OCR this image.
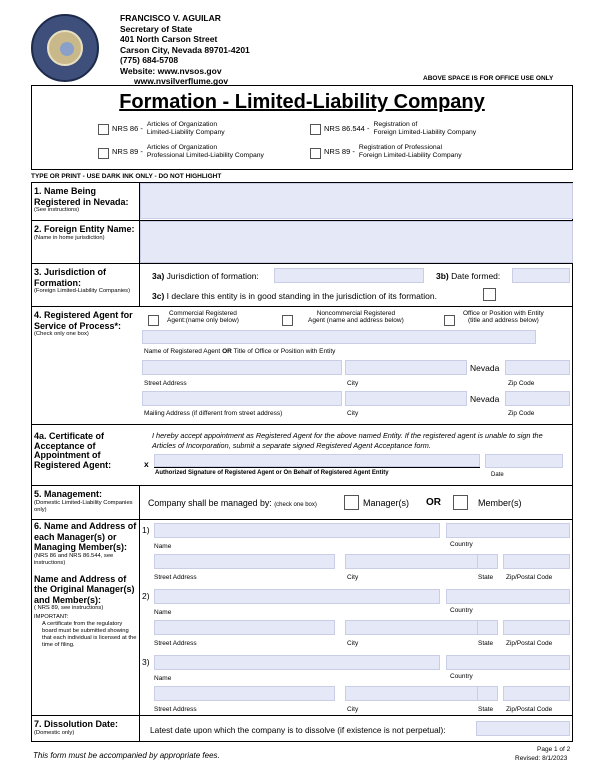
FRANCISCO V. AGUILAR
Secretary of State
401 North Carson Street
Carson City, Nevada 89701-4201
(775) 684-5708
Website: www.nvsos.gov
www.nvsilverflume.gov	ABOVE SPACE IS FOR OFFICE USE ONLY
Formation - Limited-Liability Company
NRS 86 - Articles of Organization
Limited-Liability Company	NRS 86.544 - Registration of
Foreign Limited-Liability Company
NRS 89 - Articles of Organization
Professional Limited-Liability Company	NRS 89 - Registration of Professional
Foreign Limited-Liability Company
TYPE OR PRINT - USE DARK INK ONLY - DO NOT HIGHLIGHT
1. Name Being Registered in Nevada:
(See instructions)
2. Foreign Entity Name:
(Name in home jurisdiction)
3. Jurisdiction of Formation:
(Foreign Limited-Liability Companies)
3a) Jurisdiction of formation:	3b) Date formed:
3c) I declare this entity is in good standing in the jurisdiction of its formation.
4. Registered Agent for Service of Process*:
(Check only one box)
Commercial Registered
Agent:(name only below)
Noncommercial Registered
Agent (name and address below)
Office or Position with Entity
(title and address below)
Name of Registered Agent OR Title of Office or Position with Entity
Nevada
Street Address	City	Zip Code
Nevada
Mailing Address (if different from street address)	City	Zip Code
4a. Certificate of Acceptance of Appointment of Registered Agent:
I hereby accept appointment as Registered Agent for the above named Entity. If the registered agent is unable to sign the Articles of Incorporation, submit a separate signed Registered Agent Acceptance form.
x
Authorized Signature of Registered Agent or On Behalf of Registered Agent Entity	Date
5. Management:
(Domestic Limited-Liability Companies only)
Company shall be managed by: (check one box)	Manager(s) OR	Member(s)
6. Name and Address of each Manager(s) or Managing Member(s):
(NRS 86 and NRS 86.544, see instructions)
Name and Address of the Original Manager(s) and Member(s):
( NRS 89, see instructions)
IMPORTANT:
A certificate from the regulatory board must be submitted showing that each individual is licensed at the time of filing.
1)
Name	Country
Street Address	City	State Zip/Postal Code
2)
Name	Country
Street Address	City	State Zip/Postal Code
3)
Name	Country
Street Address	City	State Zip/Postal Code
7. Dissolution Date:
(Domestic only)	Latest date upon which the company is to dissolve (if existence is not perpetual):
This form must be accompanied by appropriate fees.
Page 1 of 2
Revised: 8/1/2023
